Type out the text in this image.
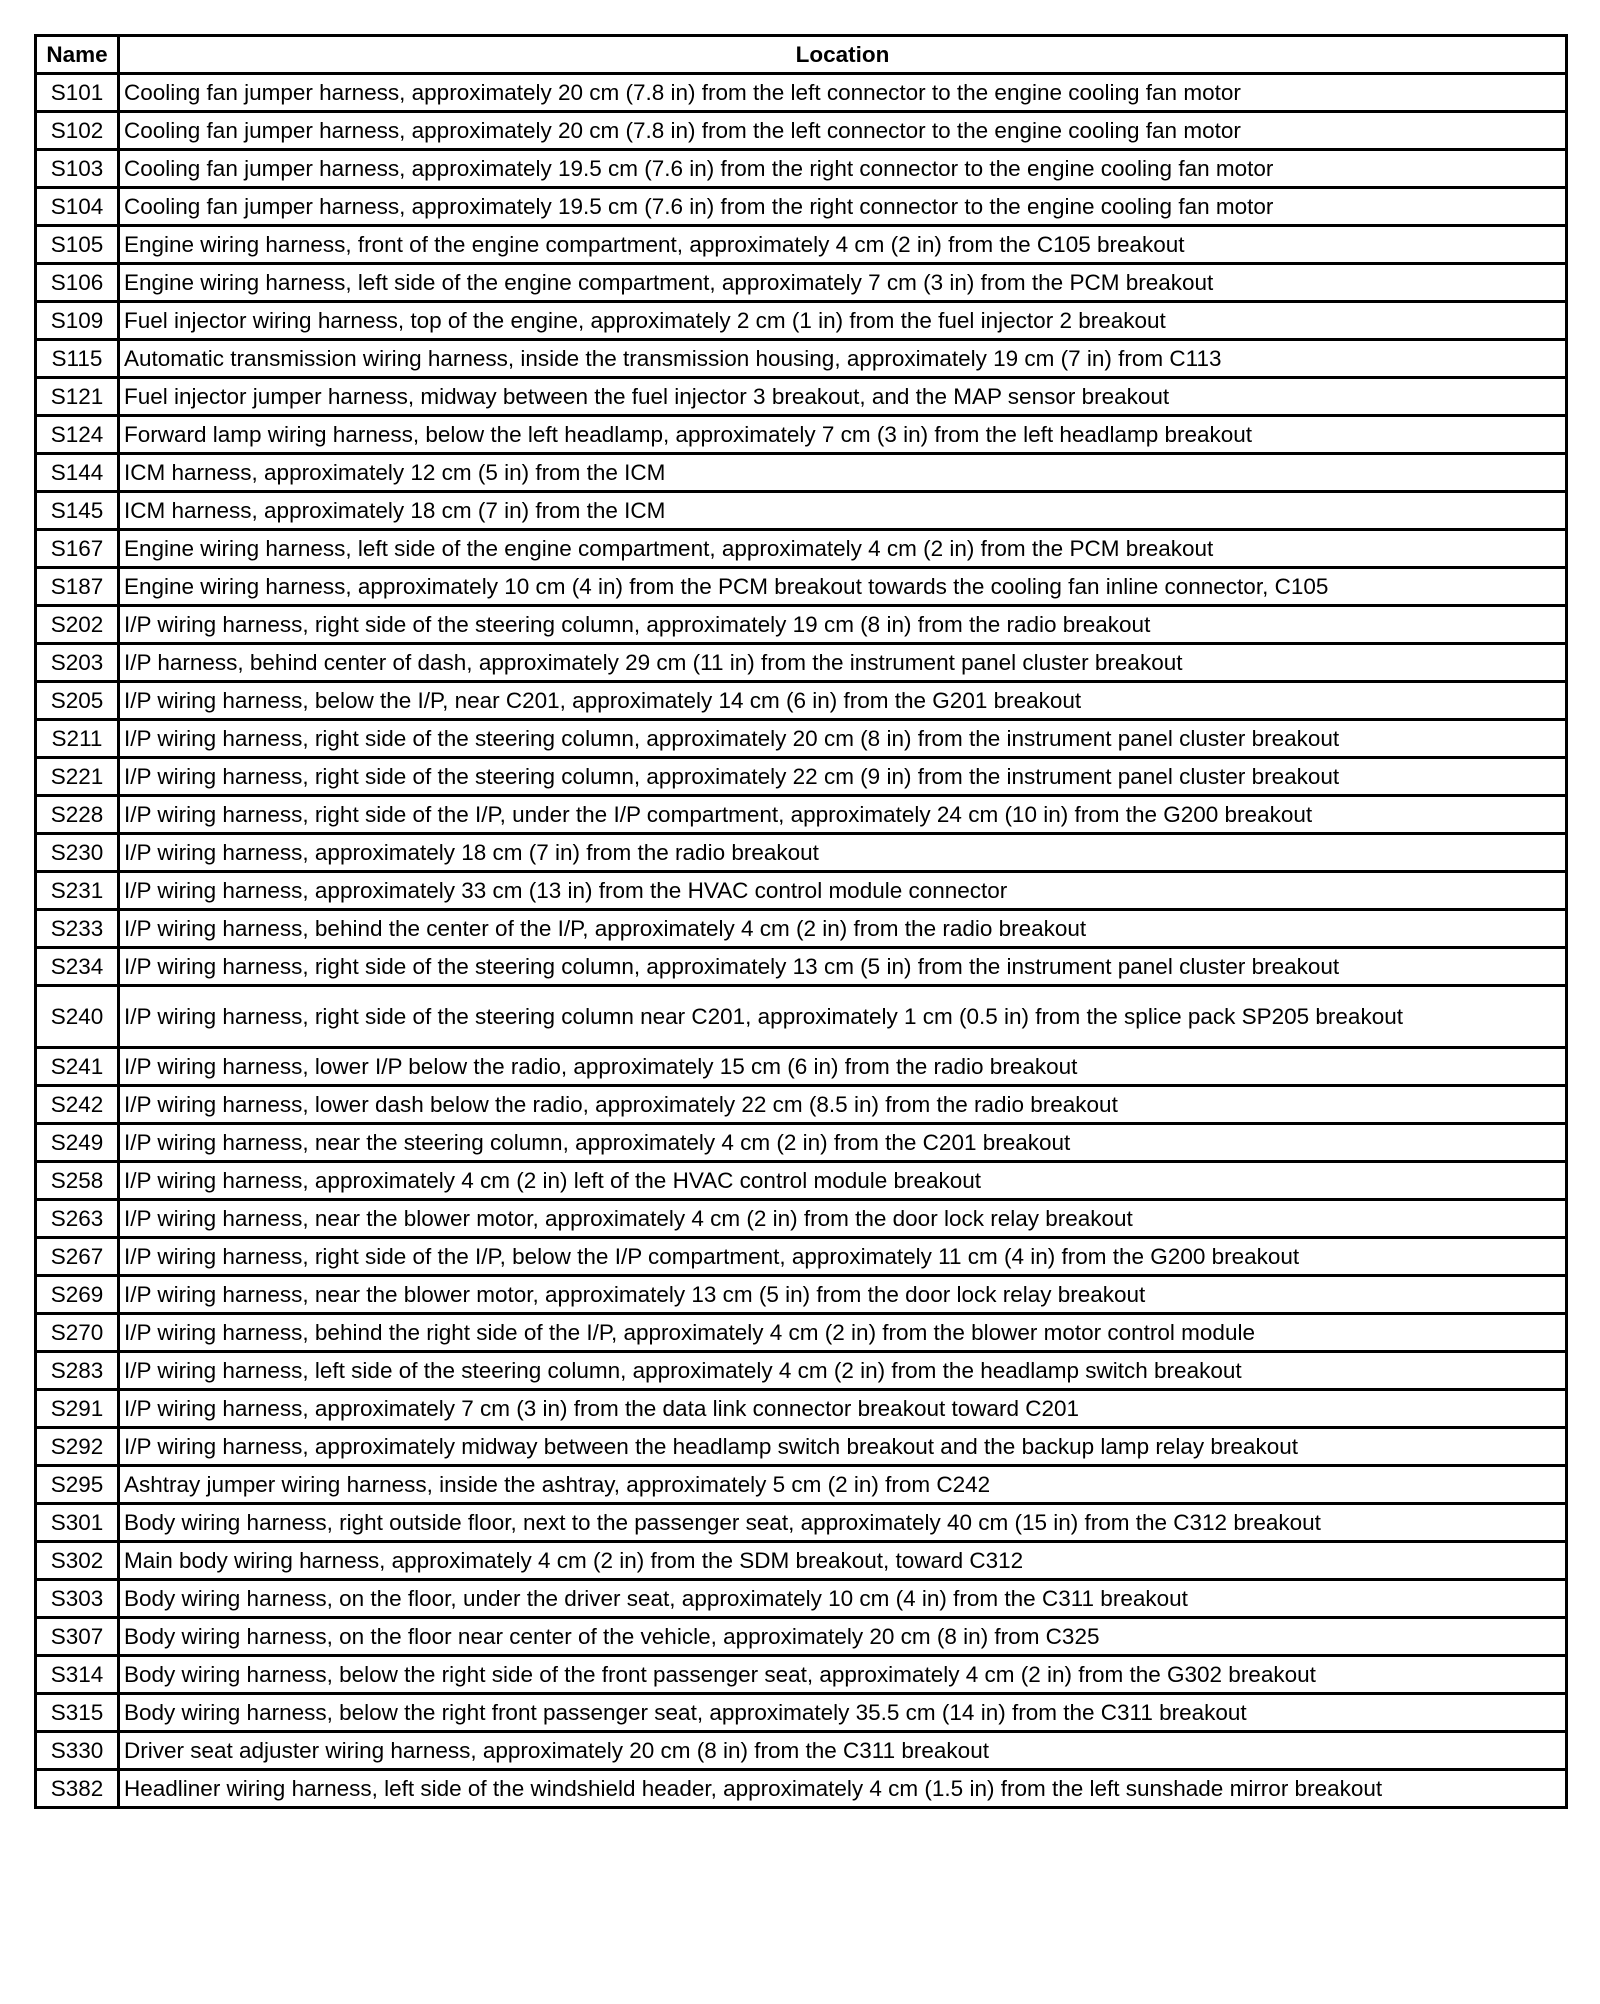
Name	Location
S101	Cooling fan jumper harness, approximately 20 cm (7.8 in) from the left connector to the engine cooling fan motor
S102	Cooling fan jumper harness, approximately 20 cm (7.8 in) from the left connector to the engine cooling fan motor
S103	Cooling fan jumper harness, approximately 19.5 cm (7.6 in) from the right connector to the engine cooling fan motor
S104	Cooling fan jumper harness, approximately 19.5 cm (7.6 in) from the right connector to the engine cooling fan motor
S105	Engine wiring harness, front of the engine compartment, approximately 4 cm (2 in) from the C105 breakout
S106	Engine wiring harness, left side of the engine compartment, approximately 7 cm (3 in) from the PCM breakout
S109	Fuel injector wiring harness, top of the engine, approximately 2 cm (1 in) from the fuel injector 2 breakout
S115	Automatic transmission wiring harness, inside the transmission housing, approximately 19 cm (7 in) from C113
S121	Fuel injector jumper harness, midway between the fuel injector 3 breakout, and the MAP sensor breakout
S124	Forward lamp wiring harness, below the left headlamp, approximately 7 cm (3 in) from the left headlamp breakout
S144	ICM harness, approximately 12 cm (5 in) from the ICM
S145	ICM harness, approximately 18 cm (7 in) from the ICM
S167	Engine wiring harness, left side of the engine compartment, approximately 4 cm (2 in) from the PCM breakout
S187	Engine wiring harness, approximately 10 cm (4 in) from the PCM breakout towards the cooling fan inline connector, C105
S202	I/P wiring harness, right side of the steering column, approximately 19 cm (8 in) from the radio breakout
S203	I/P harness, behind center of dash, approximately 29 cm (11 in) from the instrument panel cluster breakout
S205	I/P wiring harness, below the I/P, near C201, approximately 14 cm (6 in) from the G201 breakout
S211	I/P wiring harness, right side of the steering column, approximately 20 cm (8 in) from the instrument panel cluster breakout
S221	I/P wiring harness, right side of the steering column, approximately 22 cm (9 in) from the instrument panel cluster breakout
S228	I/P wiring harness, right side of the I/P, under the I/P compartment, approximately 24 cm (10 in) from the G200 breakout
S230	I/P wiring harness, approximately 18 cm (7 in) from the radio breakout
S231	I/P wiring harness, approximately 33 cm (13 in) from the HVAC control module connector
S233	I/P wiring harness, behind the center of the I/P, approximately 4 cm (2 in) from the radio breakout
S234	I/P wiring harness, right side of the steering column, approximately 13 cm (5 in) from the instrument panel cluster breakout
S240	I/P wiring harness, right side of the steering column near C201, approximately 1 cm (0.5 in) from the splice pack SP205 breakout
S241	I/P wiring harness, lower I/P below the radio, approximately 15 cm (6 in) from the radio breakout
S242	I/P wiring harness, lower dash below the radio, approximately 22 cm (8.5 in) from the radio breakout
S249	I/P wiring harness, near the steering column, approximately 4 cm (2 in) from the C201 breakout
S258	I/P wiring harness, approximately 4 cm (2 in) left of the HVAC control module breakout
S263	I/P wiring harness, near the blower motor, approximately 4 cm (2 in) from the door lock relay breakout
S267	I/P wiring harness, right side of the I/P, below the I/P compartment, approximately 11 cm (4 in) from the G200 breakout
S269	I/P wiring harness, near the blower motor, approximately 13 cm (5 in) from the door lock relay breakout
S270	I/P wiring harness, behind the right side of the I/P, approximately 4 cm (2 in) from the blower motor control module
S283	I/P wiring harness, left side of the steering column, approximately 4 cm (2 in) from the headlamp switch breakout
S291	I/P wiring harness, approximately 7 cm (3 in) from the data link connector breakout toward C201
S292	I/P wiring harness, approximately midway between the headlamp switch breakout and the backup lamp relay breakout
S295	Ashtray jumper wiring harness, inside the ashtray, approximately 5 cm (2 in) from C242
S301	Body wiring harness, right outside floor, next to the passenger seat, approximately 40 cm (15 in) from the C312 breakout
S302	Main body wiring harness, approximately 4 cm (2 in) from the SDM breakout, toward C312
S303	Body wiring harness, on the floor, under the driver seat, approximately 10 cm (4 in) from the C311 breakout
S307	Body wiring harness, on the floor near center of the vehicle, approximately 20 cm (8 in) from C325
S314	Body wiring harness, below the right side of the front passenger seat, approximately 4 cm (2 in) from the G302 breakout
S315	Body wiring harness, below the right front passenger seat, approximately 35.5 cm (14 in) from the C311 breakout
S330	Driver seat adjuster wiring harness, approximately 20 cm (8 in) from the C311 breakout
S382	Headliner wiring harness, left side of the windshield header, approximately 4 cm (1.5 in) from the left sunshade mirror breakout
